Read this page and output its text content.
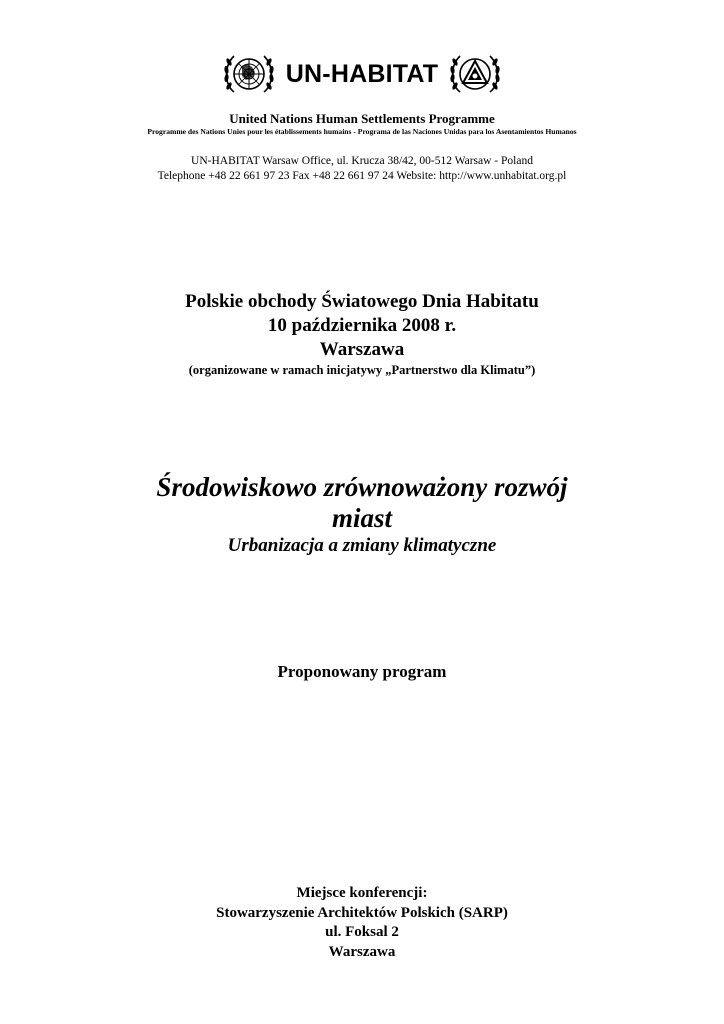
UN-HABITAT
United Nations Human Settlements Programme
Programme des Nations Unies pour les établissements humains - Programa de las Naciones Unidas para los Asentamientos Humanos
UN-HABITAT Warsaw Office, ul. Krucza 38/42, 00-512 Warsaw - Poland
Telephone +48 22 661 97 23 Fax +48 22 661 97 24 Website: http://www.unhabitat.org.pl
Polskie obchody Światowego Dnia Habitatu
10 października 2008 r.
Warszawa
(organizowane w ramach inicjatywy „Partnerstwo dla Klimatu”)
Środowiskowo zrównoważony rozwój
miast
Urbanizacja a zmiany klimatyczne
Proponowany program
Miejsce konferencji:
Stowarzyszenie Architektów Polskich (SARP)
ul. Foksal 2
Warszawa
